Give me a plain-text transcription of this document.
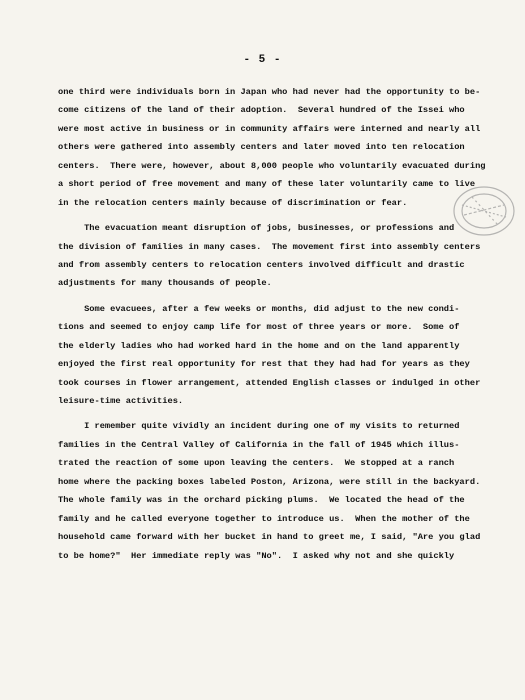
- 5 -
one third were individuals born in Japan who had never had the opportunity to be-
come citizens of the land of their adoption.  Several hundred of the Issei who
were most active in business or in community affairs were interned and nearly all
others were gathered into assembly centers and later moved into ten relocation
centers.  There were, however, about 8,000 people who voluntarily evacuated during
a short period of free movement and many of these later voluntarily came to live
in the relocation centers mainly because of discrimination or fear.
The evacuation meant disruption of jobs, businesses, or professions and
the division of families in many cases.  The movement first into assembly centers
and from assembly centers to relocation centers involved difficult and drastic
adjustments for many thousands of people.
Some evacuees, after a few weeks or months, did adjust to the new condi-
tions and seemed to enjoy camp life for most of three years or more.  Some of
the elderly ladies who had worked hard in the home and on the land apparently
enjoyed the first real opportunity for rest that they had had for years as they
took courses in flower arrangement, attended English classes or indulged in other
leisure-time activities.
I remember quite vividly an incident during one of my visits to returned
families in the Central Valley of California in the fall of 1945 which illus-
trated the reaction of some upon leaving the centers.  We stopped at a ranch
home where the packing boxes labeled Poston, Arizona, were still in the backyard.
The whole family was in the orchard picking plums.  We located the head of the
family and he called everyone together to introduce us.  When the mother of the
household came forward with her bucket in hand to greet me, I said, "Are you glad
to be home?"  Her immediate reply was "No".  I asked why not and she quickly
